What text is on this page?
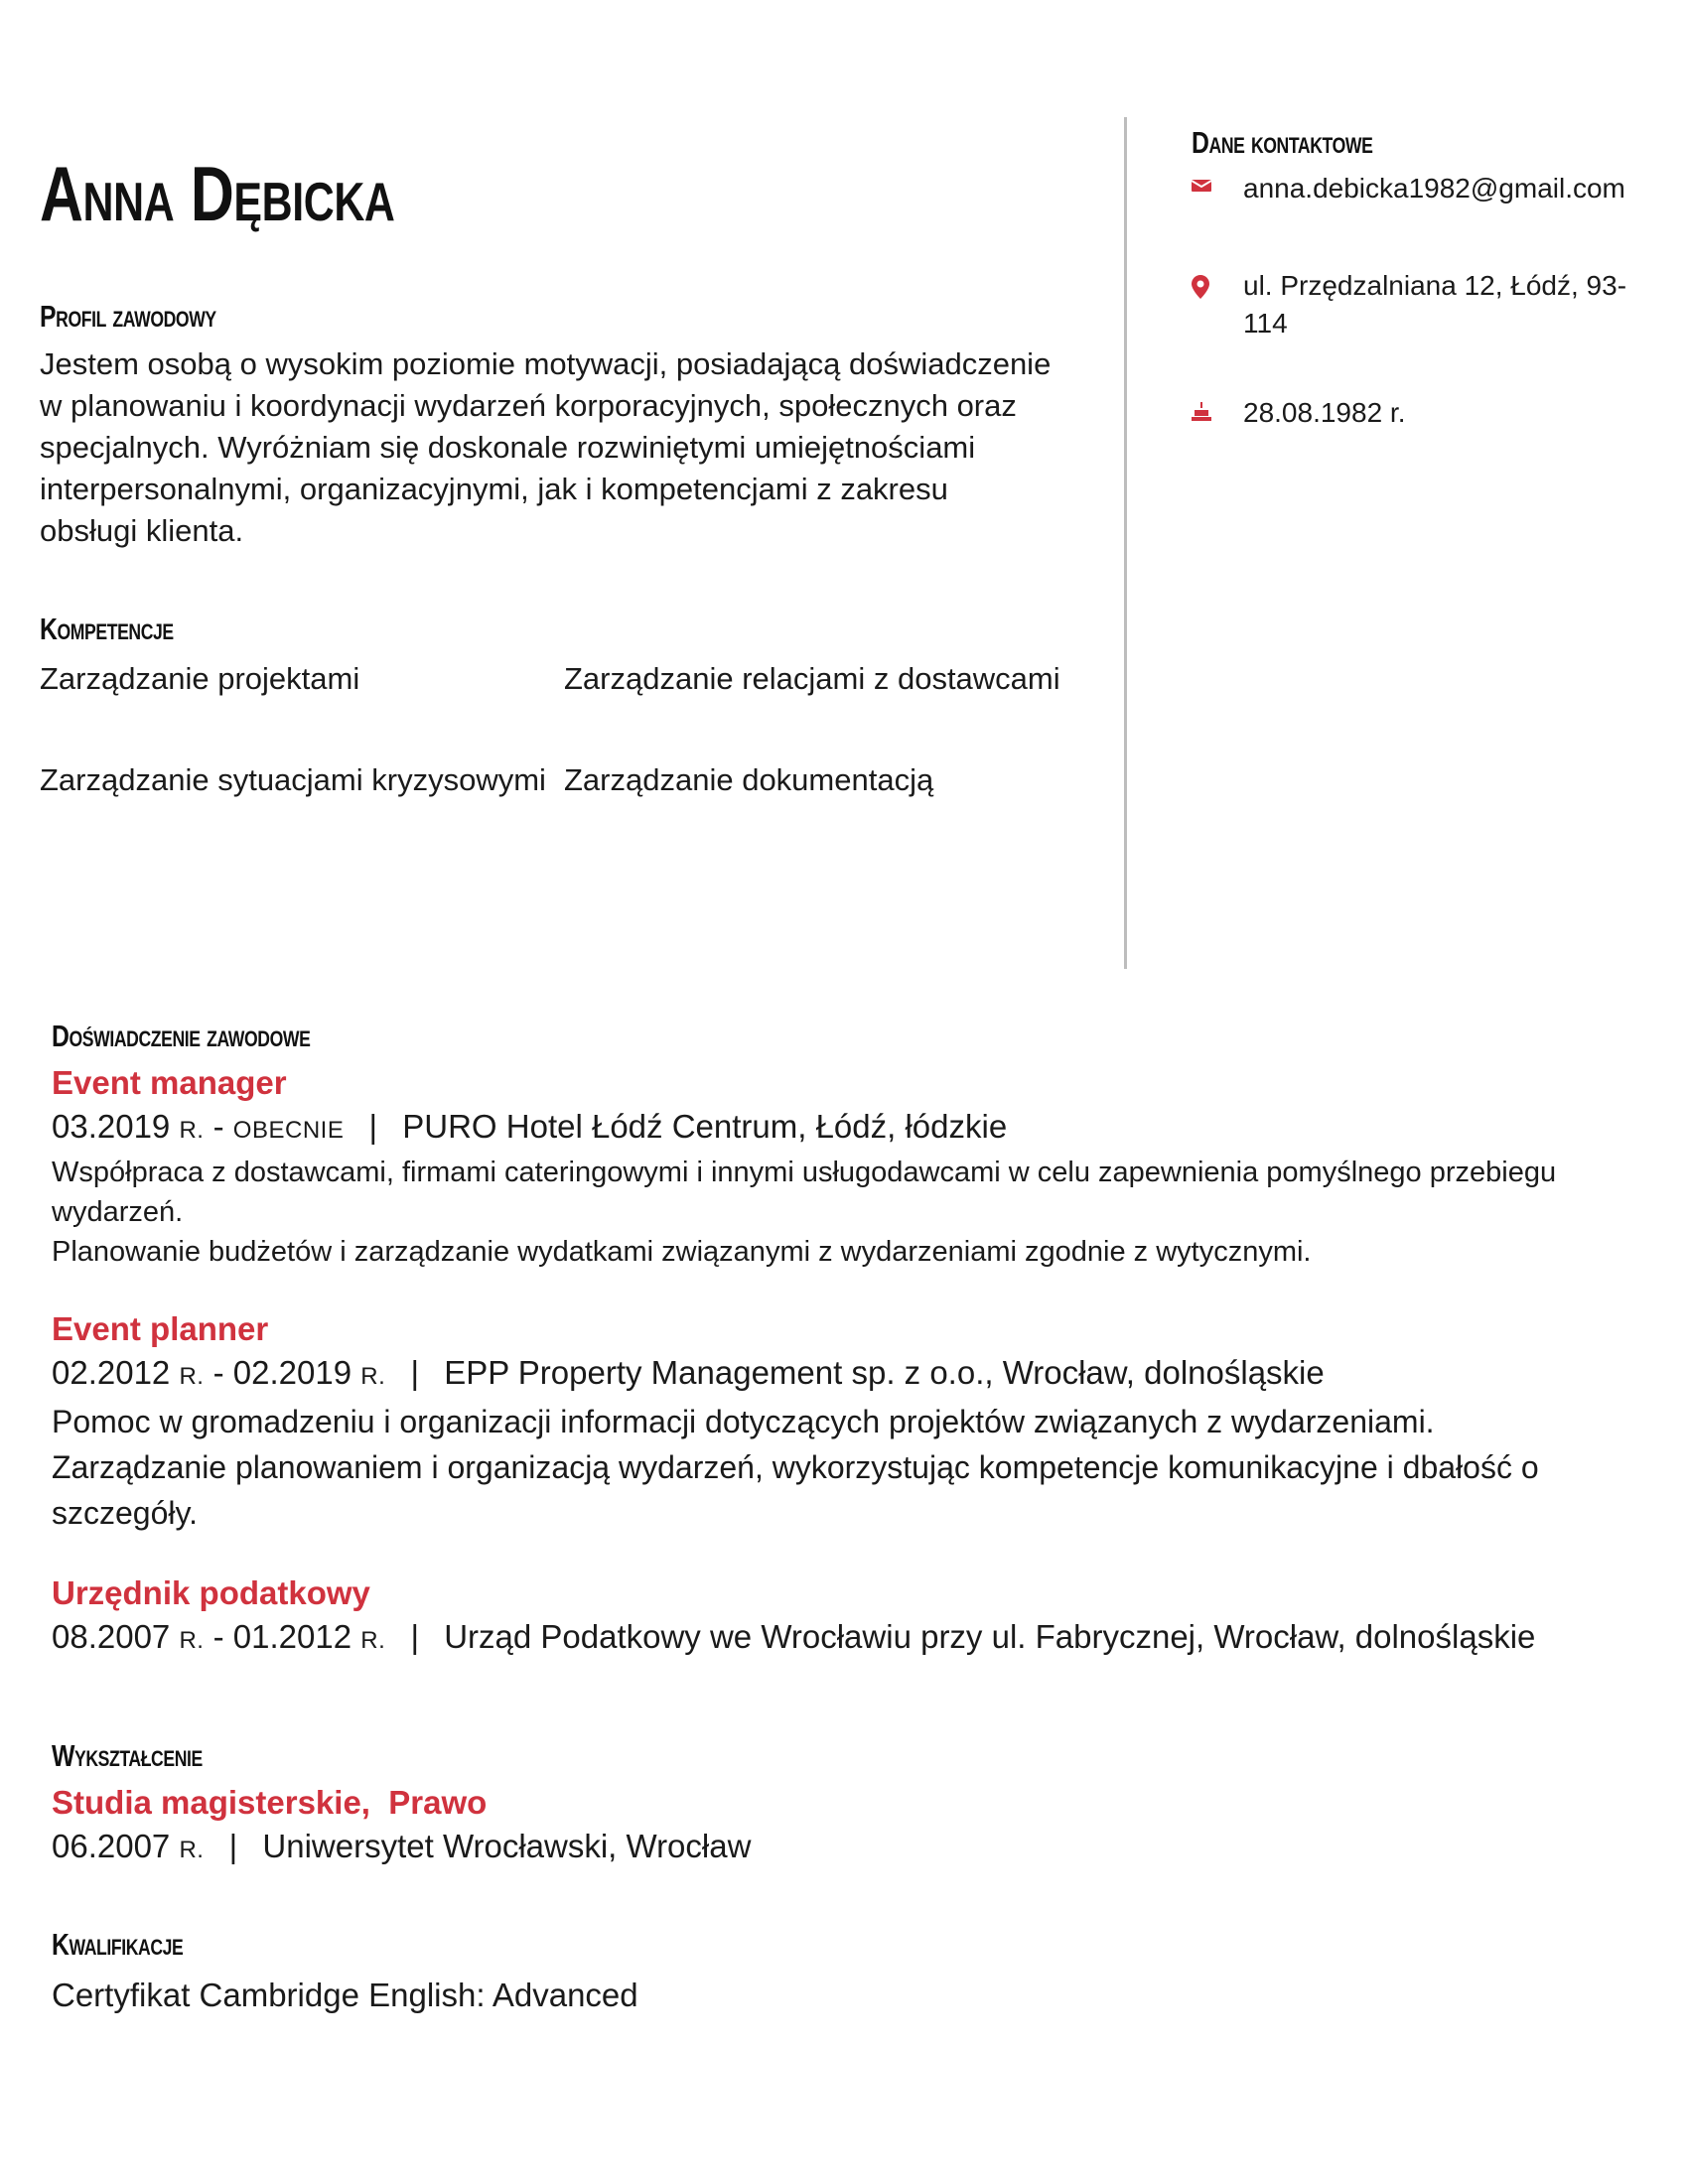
Anna Dębicka
Profil zawodowy
Jestem osobą o wysokim poziomie motywacji, posiadającą doświadczenie w planowaniu i koordynacji wydarzeń korporacyjnych, społecznych oraz specjalnych. Wyróżniam się doskonale rozwiniętymi umiejętnościami interpersonalnymi, organizacyjnymi, jak i kompetencjami z zakresu obsługi klienta.
Kompetencje
Zarządzanie projektami	Zarządzanie relacjami z dostawcami
Zarządzanie sytuacjami kryzysowymi Zarządzanie dokumentacją
Dane kontaktowe
anna.debicka1982@gmail.com
ul. Przędzalniana 12, Łódź, 93-114
28.08.1982 r.
Doświadczenie zawodowe
Event manager
03.2019 R. - OBECNIE | PURO Hotel Łódź Centrum, Łódź, łódzkie
Współpraca z dostawcami, firmami cateringowymi i innymi usługodawcami w celu zapewnienia pomyślnego przebiegu wydarzeń.
Planowanie budżetów i zarządzanie wydatkami związanymi z wydarzeniami zgodnie z wytycznymi.
Event planner
02.2012 R. - 02.2019 R. | EPP Property Management sp. z o.o., Wrocław, dolnośląskie
Pomoc w gromadzeniu i organizacji informacji dotyczących projektów związanych z wydarzeniami.
Zarządzanie planowaniem i organizacją wydarzeń, wykorzystując kompetencje komunikacyjne i dbałość o szczegóły.
Urzędnik podatkowy
08.2007 R. - 01.2012 R. | Urząd Podatkowy we Wrocławiu przy ul. Fabrycznej, Wrocław, dolnośląskie
Wykształcenie
Studia magisterskie,  Prawo
06.2007 R. | Uniwersytet Wrocławski, Wrocław
Kwalifikacje
Certyfikat Cambridge English: Advanced
